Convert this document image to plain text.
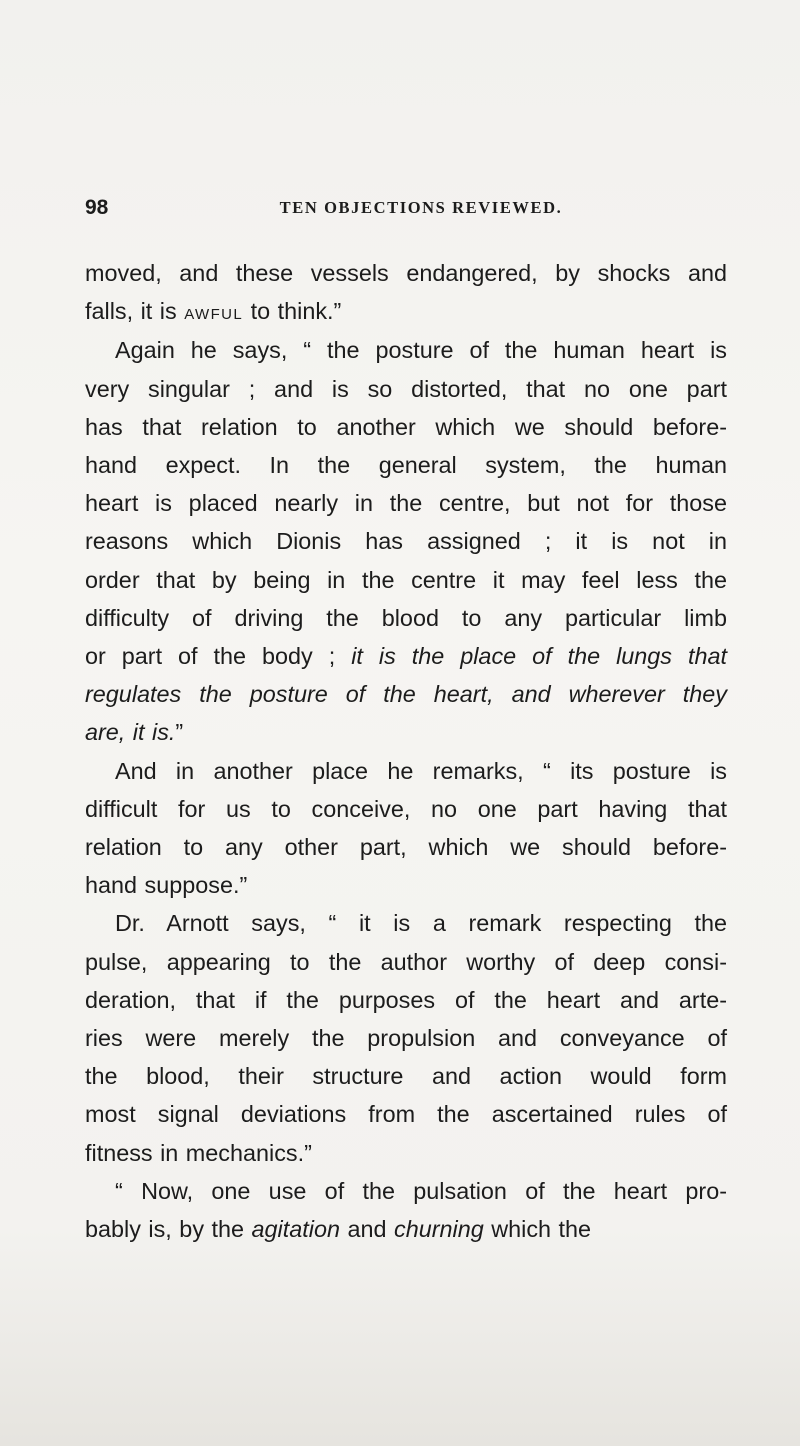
98	TEN OBJECTIONS REVIEWED.
moved, and these vessels endangered, by shocks and
falls, it is awful to think.”
Again he says, “ the posture of the human heart is
very singular ; and is so distorted, that no one part
has that relation to another which we should before-
hand expect. In the general system, the human
heart is placed nearly in the centre, but not for those
reasons which Dionis has assigned ; it is not in
order that by being in the centre it may feel less the
difficulty of driving the blood to any particular limb
or part of the body ; it is the place of the lungs that
regulates the posture of the heart, and wherever they
are, it is.”
And in another place he remarks, “ its posture is
difficult for us to conceive, no one part having that
relation to any other part, which we should before-
hand suppose.”
Dr. Arnott says, “ it is a remark respecting the
pulse, appearing to the author worthy of deep consi-
deration, that if the purposes of the heart and arte-
ries were merely the propulsion and conveyance of
the blood, their structure and action would form
most signal deviations from the ascertained rules of
fitness in mechanics.”
“ Now, one use of the pulsation of the heart pro-
bably is, by the agitation and churning which the
